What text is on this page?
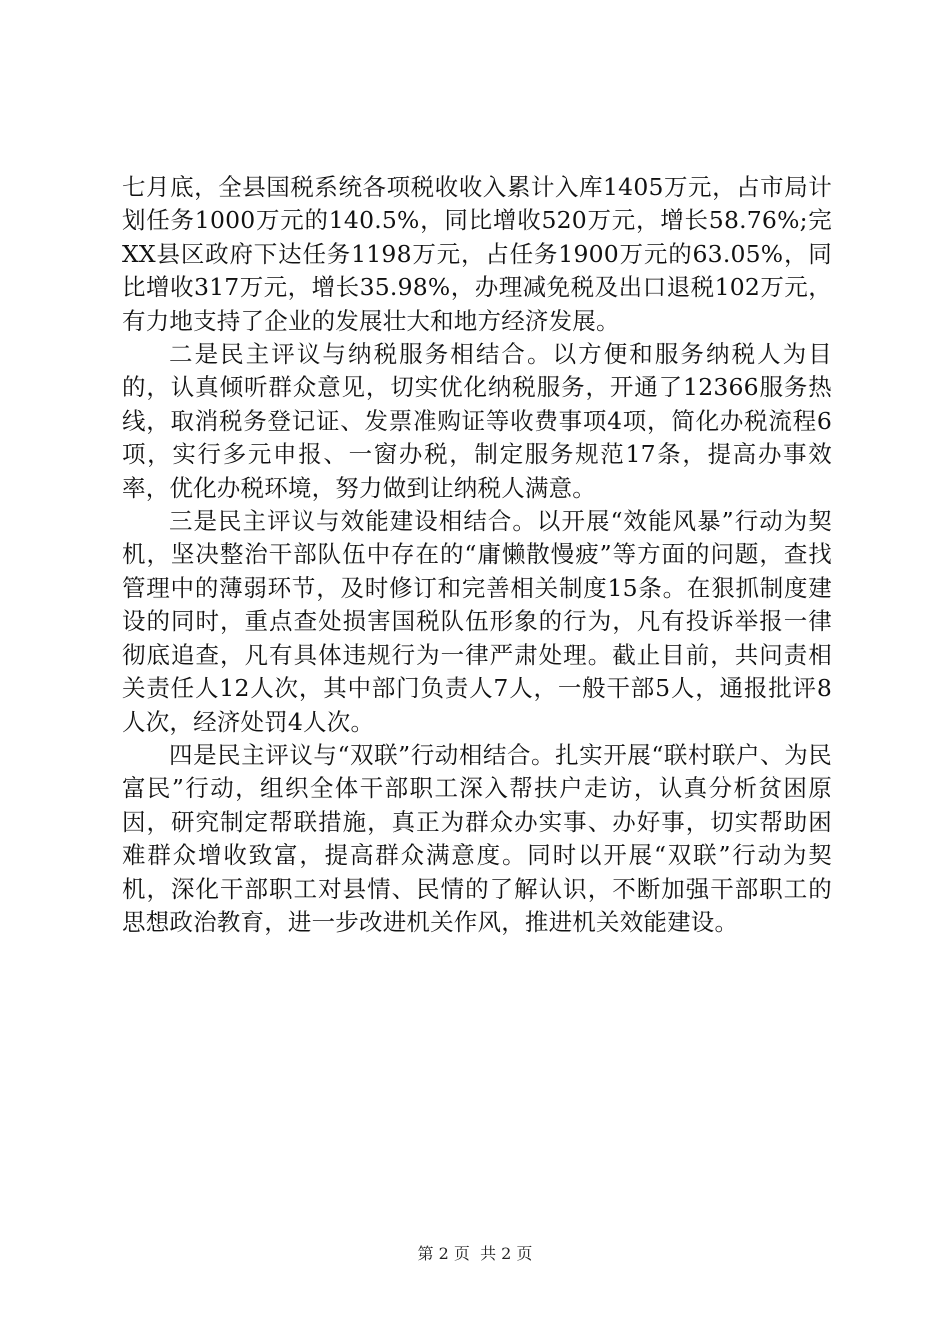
七月底，全县国税系统各项税收收入累计入库1405万元，占市局计划任务1000万元的140.5%，同比增收520万元，增长58.76%;完XX县区政府下达任务1198万元，占任务1900万元的63.05%，同比增收317万元，增长35.98%，办理减免税及出口退税102万元，有力地支持了企业的发展壮大和地方经济发展。

二是民主评议与纳税服务相结合。以方便和服务纳税人为目的，认真倾听群众意见，切实优化纳税服务，开通了12366服务热线，取消税务登记证、发票准购证等收费事项4项，简化办税流程6项，实行多元申报、一窗办税，制定服务规范17条，提高办事效率，优化办税环境，努力做到让纳税人满意。

三是民主评议与效能建设相结合。以开展“效能风暴”行动为契机，坚决整治干部队伍中存在的“庸懒散慢疲”等方面的问题，查找管理中的薄弱环节，及时修订和完善相关制度15条。在狠抓制度建设的同时，重点查处损害国税队伍形象的行为，凡有投诉举报一律彻底追查，凡有具体违规行为一律严肃处理。截止目前，共问责相关责任人12人次，其中部门负责人7人，一般干部5人，通报批评8人次，经济处罚4人次。

四是民主评议与“双联”行动相结合。扎实开展“联村联户、为民富民”行动，组织全体干部职工深入帮扶户走访，认真分析贫困原因，研究制定帮联措施，真正为群众办实事、办好事，切实帮助困难群众增收致富，提高群众满意度。同时以开展“双联”行动为契机，深化干部职工对县情、民情的了解认识，不断加强干部职工的思想政治教育，进一步改进机关作风，推进机关效能建设。

第 2 页  共 2 页
